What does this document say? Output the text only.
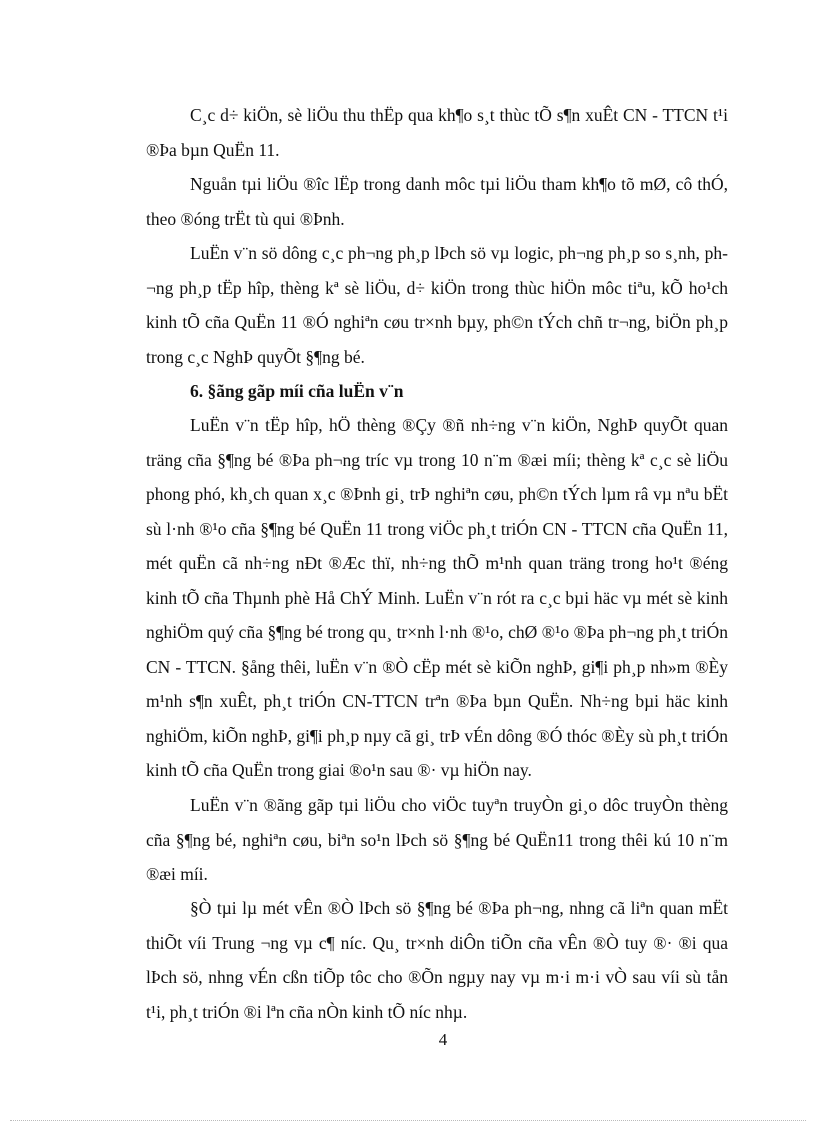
C¸c d÷ kiÖn, sè liÖu thu thËp qua kh¶o s¸t thùc tÕ s¶n xuÊt CN - TTCN t¹i ®Þa bµn QuËn 11.

Nguån tµi liÖu ®îc lËp trong danh môc tµi liÖu tham kh¶o tõ mØ, cô thÓ, theo ®óng trËt tù qui ®Þnh.

LuËn v¨n sö dông c¸c ph¬ng ph¸p lÞch sö vµ logic, ph¬ng ph¸p so s¸nh, ph¬ng ph¸p tËp hîp, thèng kª sè liÖu, d÷ kiÖn trong thùc hiÖn môc tiªu, kÕ ho¹ch kinh tÕ cña QuËn 11 ®Ó nghiªn cøu tr×nh bµy, ph©n tÝch chñ tr¬ng, biÖn ph¸p trong c¸c NghÞ quyÕt §¶ng bé.

6. §ãng gãp míi cña luËn v¨n

LuËn v¨n tËp hîp, hÖ thèng ®Çy ®ñ nh÷ng v¨n kiÖn, NghÞ quyÕt quan träng cña §¶ng bé ®Þa ph¬ng tríc vµ trong 10 n¨m ®æi míi; thèng kª c¸c sè liÖu phong phó, kh¸ch quan x¸c ®Þnh gi¸ trÞ nghiªn cøu, ph©n tÝch lµm râ vµ nªu bËt sù l·nh ®¹o cña §¶ng bé QuËn 11 trong viÖc ph¸t triÓn CN - TTCN cña QuËn 11, mét quËn cã nh÷ng nÐt ®Æc thï, nh÷ng thÕ m¹nh quan träng trong ho¹t ®éng kinh tÕ cña Thµnh phè Hå ChÝ Minh. LuËn v¨n rót ra c¸c bµi häc vµ mét sè kinh nghiÖm quý cña §¶ng bé trong qu¸ tr×nh l·nh ®¹o, chØ ®¹o ®Þa ph¬ng ph¸t triÓn CN - TTCN. §ång thêi, luËn v¨n ®Ò cËp mét sè kiÕn nghÞ, gi¶i ph¸p nh»m ®Èy m¹nh s¶n xuÊt, ph¸t triÓn CN-TTCN trªn ®Þa bµn QuËn. Nh÷ng bµi häc kinh nghiÖm, kiÕn nghÞ, gi¶i ph¸p nµy cã gi¸ trÞ vÉn dông ®Ó thóc ®Èy sù ph¸t triÓn kinh tÕ cña QuËn trong giai ®o¹n sau ®· vµ hiÖn nay.

LuËn v¨n ®ãng gãp tµi liÖu cho viÖc tuyªn truyÒn gi¸o dôc truyÒn thèng cña §¶ng bé, nghiªn cøu, biªn so¹n lÞch sö §¶ng bé QuËn11 trong thêi kú 10 n¨m ®æi míi.

§Ò tµi lµ mét vÊn ®Ò lÞch sö §¶ng bé ®Þa ph¬ng, nhng cã liªn quan mËt thiÕt víi Trung ¬ng vµ c¶ níc. Qu¸ tr×nh diÔn tiÕn cña vÊn ®Ò tuy ®· ®i qua lÞch sö, nhng vÉn cßn tiÕp tôc cho ®Õn ngµy nay vµ m·i m·i vÒ sau víi sù tån t¹i, ph¸t triÓn ®i lªn cña nÒn kinh tÕ níc nhµ.

4
